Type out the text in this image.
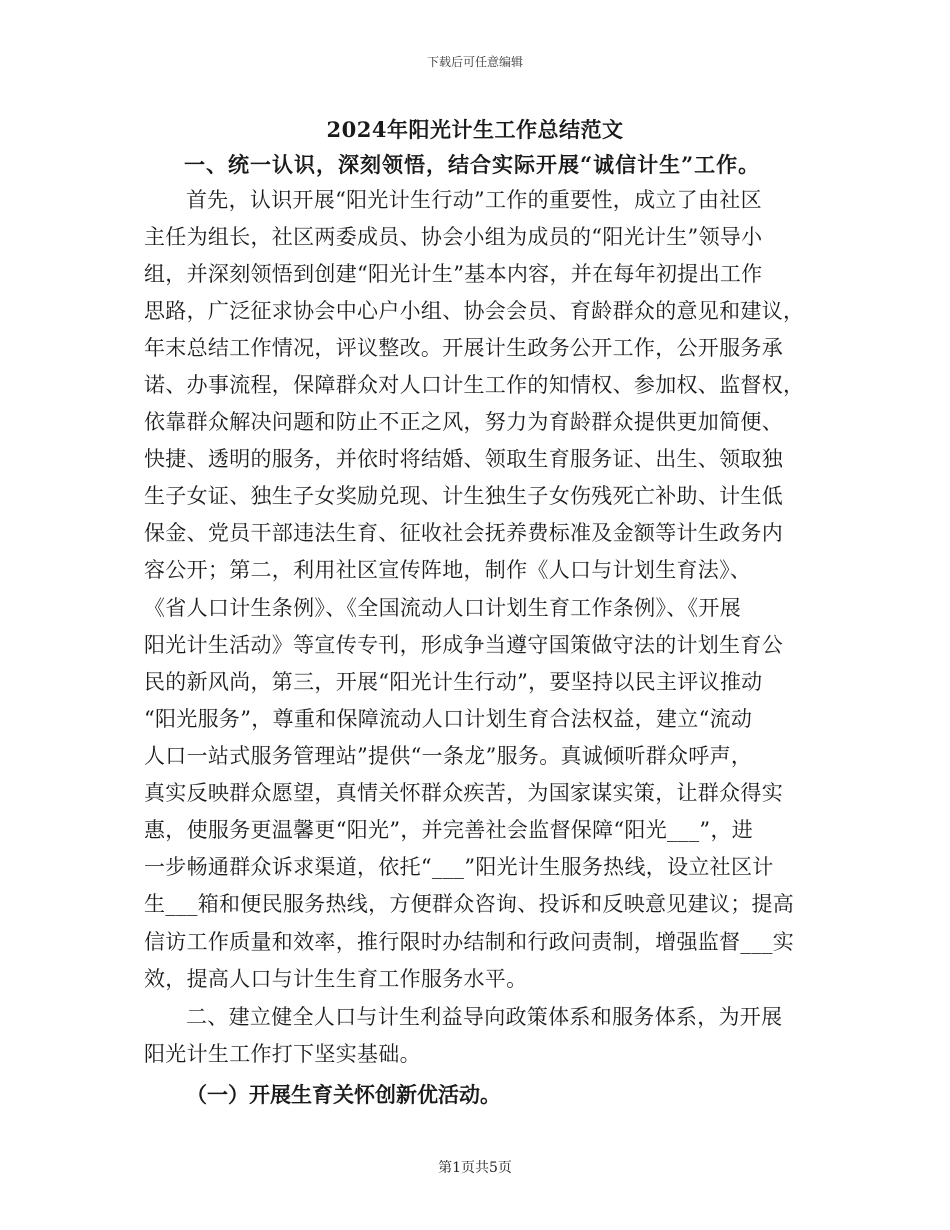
下载后可任意编辑
2024年阳光计生工作总结范文
一、统一认识，深刻领悟，结合实际开展“诚信计生”工作。
首先，认识开展“阳光计生行动”工作的重要性，成立了由社区
主任为组长，社区两委成员、协会小组为成员的“阳光计生”领导小
组，并深刻领悟到创建“阳光计生”基本内容，并在每年初提出工作
思路，广泛征求协会中心户小组、协会会员、育龄群众的意见和建议，
年末总结工作情况，评议整改。开展计生政务公开工作，公开服务承
诺、办事流程，保障群众对人口计生工作的知情权、参加权、监督权，
依靠群众解决问题和防止不正之风，努力为育龄群众提供更加简便、
快捷、透明的服务，并依时将结婚、领取生育服务证、出生、领取独
生子女证、独生子女奖励兑现、计生独生子女伤残死亡补助、计生低
保金、党员干部违法生育、征收社会抚养费标准及金额等计生政务内
容公开；第二，利用社区宣传阵地，制作《人口与计划生育法》、
《省人口计生条例》、《全国流动人口计划生育工作条例》、《开展
阳光计生活动》等宣传专刊，形成争当遵守国策做守法的计划生育公
民的新风尚，第三，开展“阳光计生行动”，要坚持以民主评议推动
“阳光服务”，尊重和保障流动人口计划生育合法权益，建立“流动
人口一站式服务管理站”提供“一条龙”服务。真诚倾听群众呼声，
真实反映群众愿望，真情关怀群众疾苦，为国家谋实策，让群众得实
惠，使服务更温馨更“阳光”，并完善社会监督保障“阳光___”，进
一步畅通群众诉求渠道，依托“___”阳光计生服务热线，设立社区计
生___箱和便民服务热线，方便群众咨询、投诉和反映意见建议；提高
信访工作质量和效率，推行限时办结制和行政问责制，增强监督___实
效，提高人口与计生生育工作服务水平。
二、建立健全人口与计生利益导向政策体系和服务体系，为开展
阳光计生工作打下坚实基础。
（一）开展生育关怀创新优活动。
第1页共5页
